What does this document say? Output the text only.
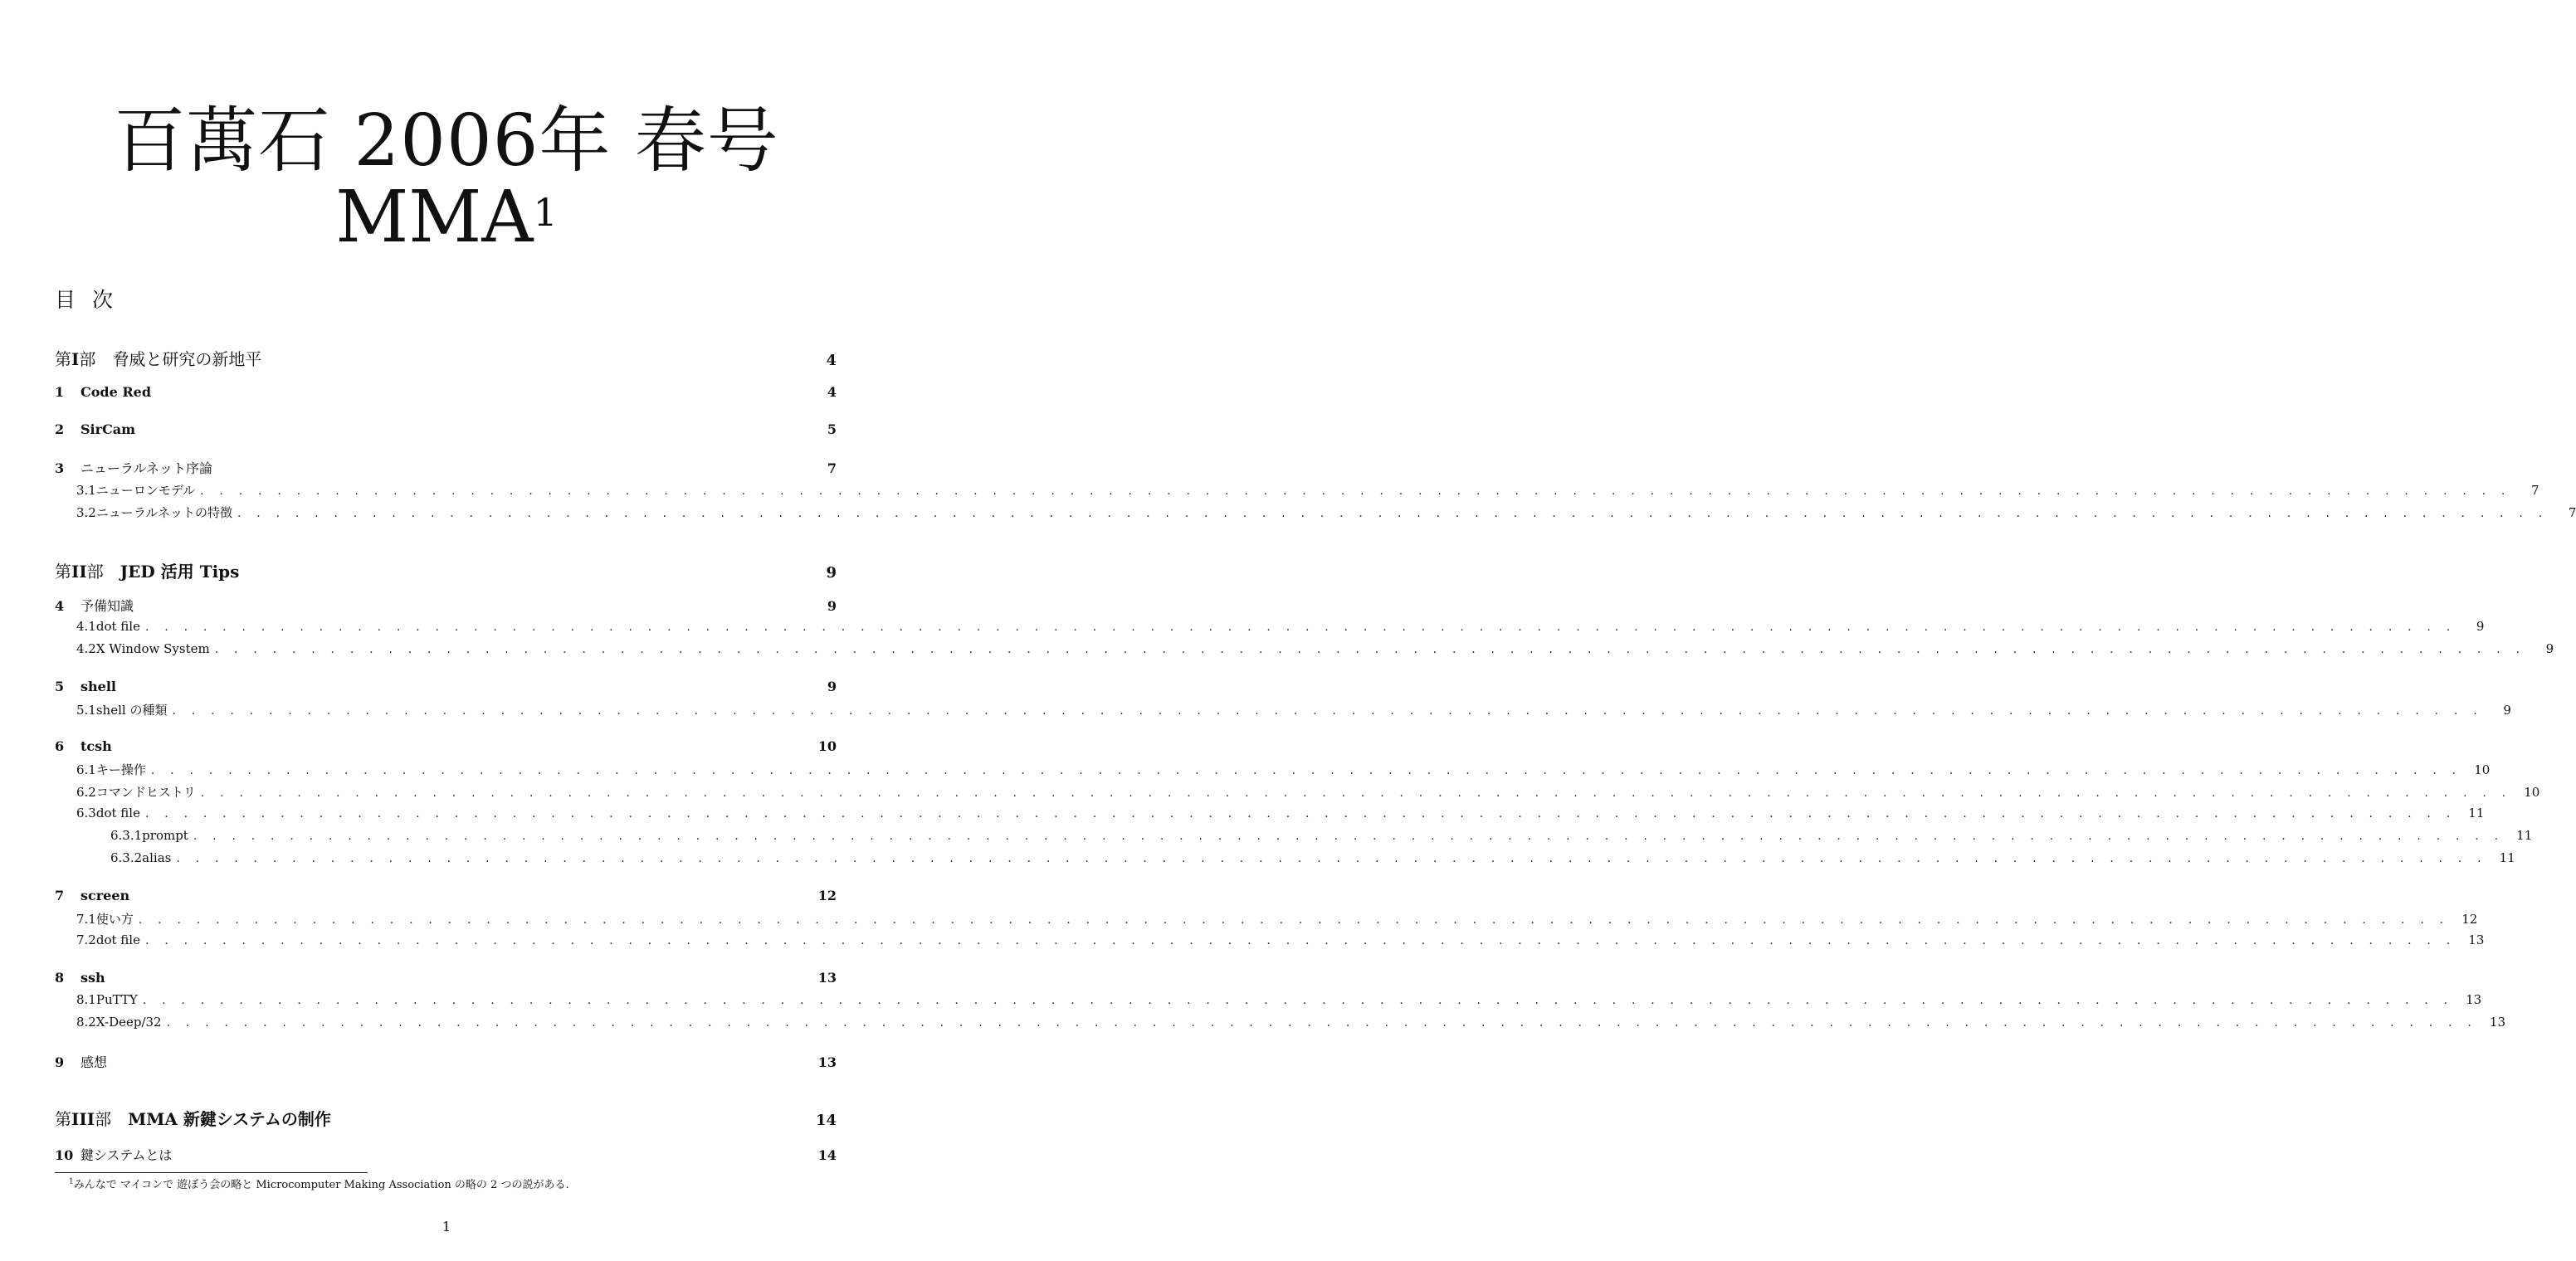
百萬石 2006年 春号
MMA$^1$
目 次
第 I 部 脅威と研究の新地平	4
1	Code Red	4
2	SirCam	5
3	ニューラルネット序論	7
3.1 ニューロンモデル . . . . . . . . . . . . . . . . . . . . . . . . . . . . . . . . . . . . . . . . . . . . . . . . . . . . . . . . . . . . . . . . . . . . . . . . . . . . . . . . . . . . . . . . . . . . . . . . . . . . . . . . . . . . . . . . . . . . . . . .	7
3.2 ニューラルネットの特徴 . . . . . . . . . . . . . . . . . . . . . . . . . . . . . . . . . . . . . . . . . . . . . . . . . . . . . . . . . . . . . . . . . . . . . . . . . . . . . . . . . . . . . . . . . . . . . . . . . . . . . . . . . . . . . . . . . . . . . . . .	7
第 II 部 JED 活用 Tips	9
4	予備知識	9
4.1 dot file . . . . . . . . . . . . . . . . . . . . . . . . . . . . . . . . . . . . . . . . . . . . . . . . . . . . . . . . . . . . . . . . . . . . . . . . . . . . . . . . . . . . . . . . . . . . . . . . . . . . . . . . . . . . . . . . . . . . . . . .	9
4.2 X Window System . . . . . . . . . . . . . . . . . . . . . . . . . . . . . . . . . . . . . . . . . . . . . . . . . . . . . . . . . . . . . . . . . . . . . . . . . . . . . . . . . . . . . . . . . . . . . . . . . . . . . . . . . . . . . . . . . . . . . . . .	9
5	shell	9
5.1 shell の種類 . . . . . . . . . . . . . . . . . . . . . . . . . . . . . . . . . . . . . . . . . . . . . . . . . . . . . . . . . . . . . . . . . . . . . . . . . . . . . . . . . . . . . . . . . . . . . . . . . . . . . . . . . . . . . . . . . . . . . . . .	9
6	tcsh	10
6.1 キー操作 . . . . . . . . . . . . . . . . . . . . . . . . . . . . . . . . . . . . . . . . . . . . . . . . . . . . . . . . . . . . . . . . . . . . . . . . . . . . . . . . . . . . . . . . . . . . . . . . . . . . . . . . . . . . . . . . . . . . . . . . 10
6.2 コマンドヒストリ . . . . . . . . . . . . . . . . . . . . . . . . . . . . . . . . . . . . . . . . . . . . . . . . . . . . . . . . . . . . . . . . . . . . . . . . . . . . . . . . . . . . . . . . . . . . . . . . . . . . . . . . . . . . . . . . . . . . . . . . 10
6.3 dot file . . . . . . . . . . . . . . . . . . . . . . . . . . . . . . . . . . . . . . . . . . . . . . . . . . . . . . . . . . . . . . . . . . . . . . . . . . . . . . . . . . . . . . . . . . . . . . . . . . . . . . . . . . . . . . . . . . . . . . . . 11
6.3.1 prompt . . . . . . . . . . . . . . . . . . . . . . . . . . . . . . . . . . . . . . . . . . . . . . . . . . . . . . . . . . . . . . . . . . . . . . . . . . . . . . . . . . . . . . . . . . . . . . . . . . . . . . . . . . . . . . . . . . . . . . . . 11
6.3.2 alias . . . . . . . . . . . . . . . . . . . . . . . . . . . . . . . . . . . . . . . . . . . . . . . . . . . . . . . . . . . . . . . . . . . . . . . . . . . . . . . . . . . . . . . . . . . . . . . . . . . . . . . . . . . . . . . . . . . . . . . . 11
7	screen	12
7.1 使い方 . . . . . . . . . . . . . . . . . . . . . . . . . . . . . . . . . . . . . . . . . . . . . . . . . . . . . . . . . . . . . . . . . . . . . . . . . . . . . . . . . . . . . . . . . . . . . . . . . . . . . . . . . . . . . . . . . . . . . . . . 12
7.2 dot file . . . . . . . . . . . . . . . . . . . . . . . . . . . . . . . . . . . . . . . . . . . . . . . . . . . . . . . . . . . . . . . . . . . . . . . . . . . . . . . . . . . . . . . . . . . . . . . . . . . . . . . . . . . . . . . . . . . . . . . . 13
8	ssh	13
8.1 PuTTY . . . . . . . . . . . . . . . . . . . . . . . . . . . . . . . . . . . . . . . . . . . . . . . . . . . . . . . . . . . . . . . . . . . . . . . . . . . . . . . . . . . . . . . . . . . . . . . . . . . . . . . . . . . . . . . . . . . . . . . . 13
8.2 X-Deep/32 . . . . . . . . . . . . . . . . . . . . . . . . . . . . . . . . . . . . . . . . . . . . . . . . . . . . . . . . . . . . . . . . . . . . . . . . . . . . . . . . . . . . . . . . . . . . . . . . . . . . . . . . . . . . . . . . . . . . . . . . 13
9	感想	13
第 III 部 MMA 新鍵システムの制作	14
10 鍵システムとは	14
$^1$みんなで マイコンで 遊ぼう会の略と Microcomputer Making Association の略の 2 つの説がある.
1
